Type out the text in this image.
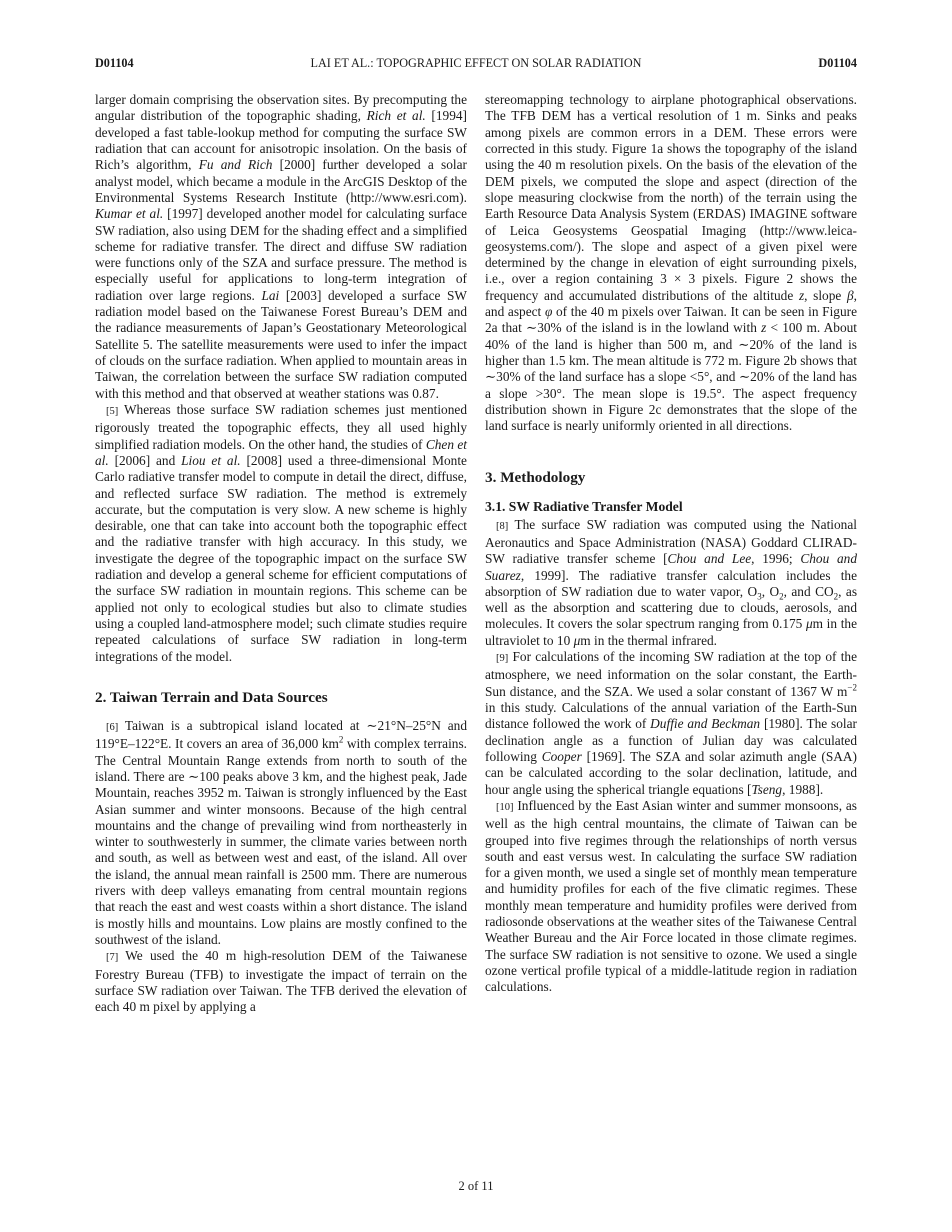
D01104	LAI ET AL.: TOPOGRAPHIC EFFECT ON SOLAR RADIATION	D01104

larger domain comprising the observation sites. By precomputing the angular distribution of the topographic shading, Rich et al. [1994] developed a fast table-lookup method for computing the surface SW radiation that can account for anisotropic insolation. On the basis of Rich’s algorithm, Fu and Rich [2000] further developed a solar analyst model, which became a module in the ArcGIS Desktop of the Environmental Systems Research Institute (http://www.esri.com). Kumar et al. [1997] developed another model for calculating surface SW radiation, also using DEM for the shading effect and a simplified scheme for radiative transfer. The direct and diffuse SW radiation were functions only of the SZA and surface pressure. The method is especially useful for applications to long-term integration of radiation over large regions. Lai [2003] developed a surface SW radiation model based on the Taiwanese Forest Bureau’s DEM and the radiance measurements of Japan’s Geostationary Meteorological Satellite 5. The satellite measurements were used to infer the impact of clouds on the surface radiation. When applied to mountain areas in Taiwan, the correlation between the surface SW radiation computed with this method and that observed at weather stations was 0.87.

[5] Whereas those surface SW radiation schemes just mentioned rigorously treated the topographic effects, they all used highly simplified radiation models. On the other hand, the studies of Chen et al. [2006] and Liou et al. [2008] used a three-dimensional Monte Carlo radiative transfer model to compute in detail the direct, diffuse, and reflected surface SW radiation. The method is extremely accurate, but the computation is very slow. A new scheme is highly desirable, one that can take into account both the topographic effect and the radiative transfer with high accuracy. In this study, we investigate the degree of the topographic impact on the surface SW radiation and develop a general scheme for efficient computations of the surface SW radiation in mountain regions. This scheme can be applied not only to ecological studies but also to climate studies using a coupled land-atmosphere model; such climate studies require repeated calculations of surface SW radiation in long-term integrations of the model.

2. Taiwan Terrain and Data Sources

[6] Taiwan is a subtropical island located at ∼21°N–25°N and 119°E–122°E. It covers an area of 36,000 $km^2$ with complex terrains. The Central Mountain Range extends from north to south of the island. There are ∼100 peaks above 3 km, and the highest peak, Jade Mountain, reaches 3952 m. Taiwan is strongly influenced by the East Asian summer and winter monsoons. Because of the high central mountains and the change of prevailing wind from northeasterly in winter to southwesterly in summer, the climate varies between north and south, as well as between west and east, of the island. All over the island, the annual mean rainfall is 2500 mm. There are numerous rivers with deep valleys emanating from central mountain regions that reach the east and west coasts within a short distance. The island is mostly hills and mountains. Low plains are mostly confined to the southwest of the island.

[7] We used the 40 m high-resolution DEM of the Taiwanese Forestry Bureau (TFB) to investigate the impact of terrain on the surface SW radiation over Taiwan. The TFB derived the elevation of each 40 m pixel by applying a

stereomapping technology to airplane photographical observations. The TFB DEM has a vertical resolution of 1 m. Sinks and peaks among pixels are common errors in a DEM. These errors were corrected in this study. Figure 1a shows the topography of the island using the 40 m resolution pixels. On the basis of the elevation of the DEM pixels, we computed the slope and aspect (direction of the slope measuring clockwise from the north) of the terrain using the Earth Resource Data Analysis System (ERDAS) IMAGINE software of Leica Geosystems Geospatial Imaging (http://www.leica-geosystems.com/). The slope and aspect of a given pixel were determined by the change in elevation of eight surrounding pixels, i.e., over a region containing 3 × 3 pixels. Figure 2 shows the frequency and accumulated distributions of the altitude z, slope β, and aspect φ of the 40 m pixels over Taiwan. It can be seen in Figure 2a that ∼30% of the island is in the lowland with z < 100 m. About 40% of the land is higher than 500 m, and ∼20% of the land is higher than 1.5 km. The mean altitude is 772 m. Figure 2b shows that ∼30% of the land surface has a slope <5°, and ∼20% of the land has a slope >30°. The mean slope is 19.5°. The aspect frequency distribution shown in Figure 2c demonstrates that the slope of the land surface is nearly uniformly oriented in all directions.

3. Methodology
3.1. SW Radiative Transfer Model

[8] The surface SW radiation was computed using the National Aeronautics and Space Administration (NASA) Goddard CLIRAD-SW radiative transfer scheme [Chou and Lee, 1996; Chou and Suarez, 1999]. The radiative transfer calculation includes the absorption of SW radiation due to water vapor, $O_3$, $O_2$, and $CO_2$, as well as the absorption and scattering due to clouds, aerosols, and molecules. It covers the solar spectrum ranging from 0.175 μm in the ultraviolet to 10 μm in the thermal infrared.

[9] For calculations of the incoming SW radiation at the top of the atmosphere, we need information on the solar constant, the Earth-Sun distance, and the SZA. We used a solar constant of 1367 W $m^{-2}$ in this study. Calculations of the annual variation of the Earth-Sun distance followed the work of Duffie and Beckman [1980]. The solar declination angle as a function of Julian day was calculated following Cooper [1969]. The SZA and solar azimuth angle (SAA) can be calculated according to the solar declination, latitude, and hour angle using the spherical triangle equations [Tseng, 1988].

[10] Influenced by the East Asian winter and summer monsoons, as well as the high central mountains, the climate of Taiwan can be grouped into five regimes through the relationships of north versus south and east versus west. In calculating the surface SW radiation for a given month, we used a single set of monthly mean temperature and humidity profiles for each of the five climatic regimes. These monthly mean temperature and humidity profiles were derived from radiosonde observations at the weather sites of the Taiwanese Central Weather Bureau and the Air Force located in those climate regimes. The surface SW radiation is not sensitive to ozone. We used a single ozone vertical profile typical of a middle-latitude region in radiation calculations.

2 of 11
